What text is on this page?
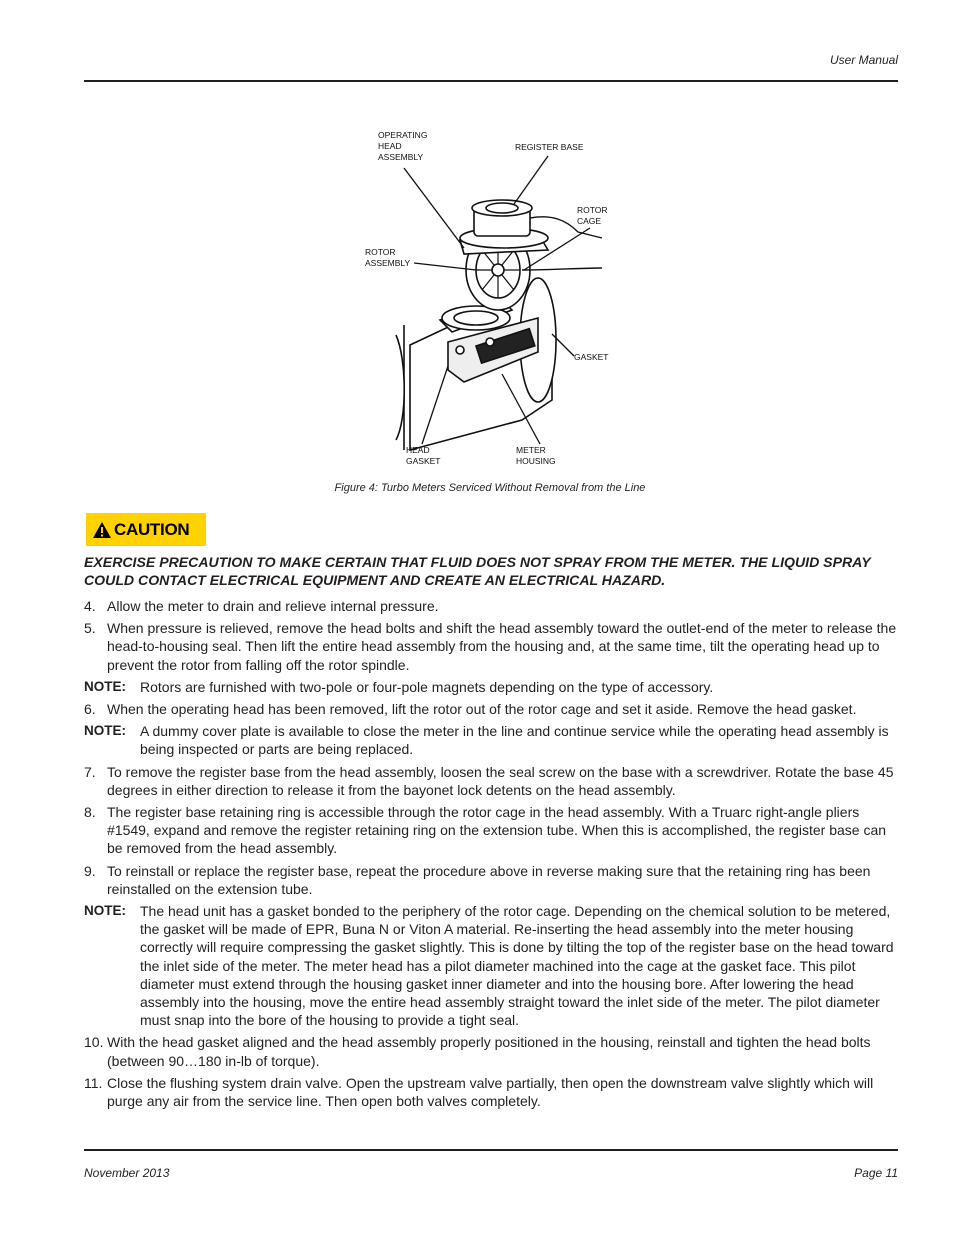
User Manual
OPERATING HEAD ASSEMBLY
REGISTER BASE
ROTOR CAGE
ROTOR ASSEMBLY
GASKET
HEAD GASKET
METER HOUSING
Figure 4: Turbo Meters Serviced Without Removal from the Line
CAUTION
EXERCISE PRECAUTION TO MAKE CERTAIN THAT FLUID DOES NOT SPRAY FROM THE METER. THE LIQUID SPRAY COULD CONTACT ELECTRICAL EQUIPMENT AND CREATE AN ELECTRICAL HAZARD.
4. Allow the meter to drain and relieve internal pressure.
5. When pressure is relieved, remove the head bolts and shift the head assembly toward the outlet-end of the meter to release the head-to-housing seal. Then lift the entire head assembly from the housing and, at the same time, tilt the operating head up to prevent the rotor from falling off the rotor spindle.
NOTE: Rotors are furnished with two-pole or four-pole magnets depending on the type of accessory.
6. When the operating head has been removed, lift the rotor out of the rotor cage and set it aside. Remove the head gasket.
NOTE: A dummy cover plate is available to close the meter in the line and continue service while the operating head assembly is being inspected or parts are being replaced.
7. To remove the register base from the head assembly, loosen the seal screw on the base with a screwdriver. Rotate the base 45 degrees in either direction to release it from the bayonet lock detents on the head assembly.
8. The register base retaining ring is accessible through the rotor cage in the head assembly. With a Truarc right-angle pliers #1549, expand and remove the register retaining ring on the extension tube. When this is accomplished, the register base can be removed from the head assembly.
9. To reinstall or replace the register base, repeat the procedure above in reverse making sure that the retaining ring has been reinstalled on the extension tube.
NOTE: The head unit has a gasket bonded to the periphery of the rotor cage. Depending on the chemical solution to be metered, the gasket will be made of EPR, Buna N or Viton A material. Re-inserting the head assembly into the meter housing correctly will require compressing the gasket slightly. This is done by tilting the top of the register base on the head toward the inlet side of the meter. The meter head has a pilot diameter machined into the cage at the gasket face. This pilot diameter must extend through the housing gasket inner diameter and into the housing bore. After lowering the head assembly into the housing, move the entire head assembly straight toward the inlet side of the meter. The pilot diameter must snap into the bore of the housing to provide a tight seal.
10. With the head gasket aligned and the head assembly properly positioned in the housing, reinstall and tighten the head bolts (between 90…180 in-lb of torque).
11. Close the flushing system drain valve. Open the upstream valve partially, then open the downstream valve slightly which will purge any air from the service line. Then open both valves completely.
November 2013	Page 11
